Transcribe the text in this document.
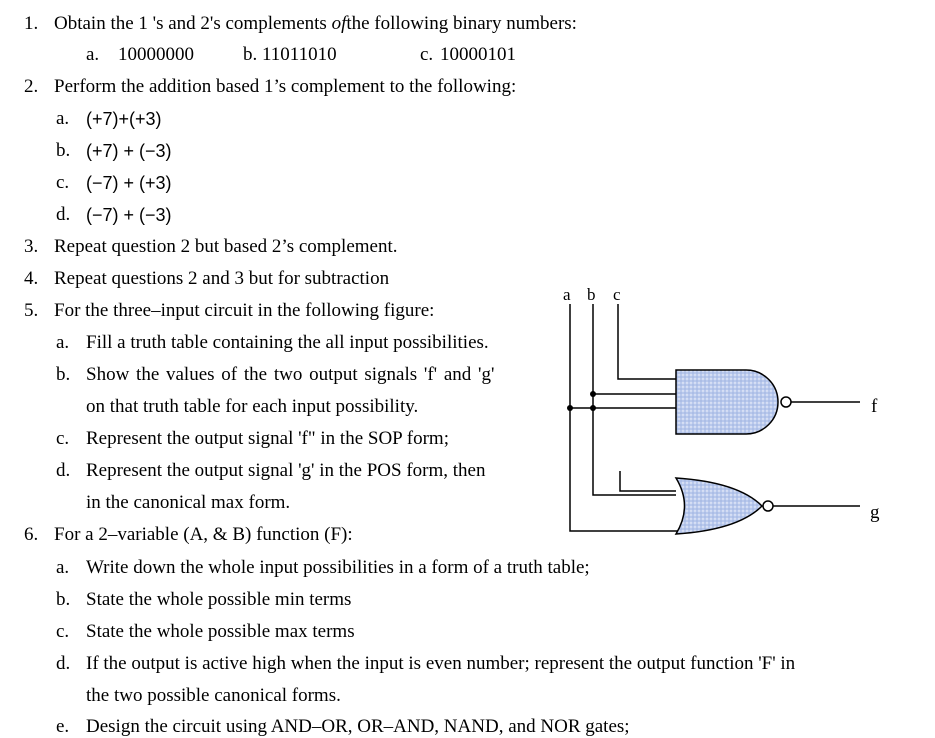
1. Obtain the 1 's and 2's complements ofthe following binary numbers:
a. 10000000	b. 11011010	c. 10000101
2. Perform the addition based 1’s complement to the following:
a. (+7)+(+3)
b. (+7) + (−3)
c. (−7) + (+3)
d. (−7) + (−3)
3. Repeat question 2 but based 2’s complement.
4. Repeat questions 2 and 3 but for subtraction
5. For the three–input circuit in the following figure:
a. Fill a truth table containing the all input possibilities.
b. Show the values of the two output signals 'f' and 'g'
on that truth table for each input possibility.
c. Represent the output signal 'f" in the SOP form;
d. Represent the output signal 'g' in the POS form, then
in the canonical max form.
6. For a 2–variable (A, & B) function (F):
a. Write down the whole input possibilities in a form of a truth table;
b. State the whole possible min terms
c. State the whole possible max terms
d. If the output is active high when the input is even number; represent the output function 'F' in
the two possible canonical forms.
e. Design the circuit using AND–OR, OR–AND, NAND, and NOR gates;
a b c
f
g
